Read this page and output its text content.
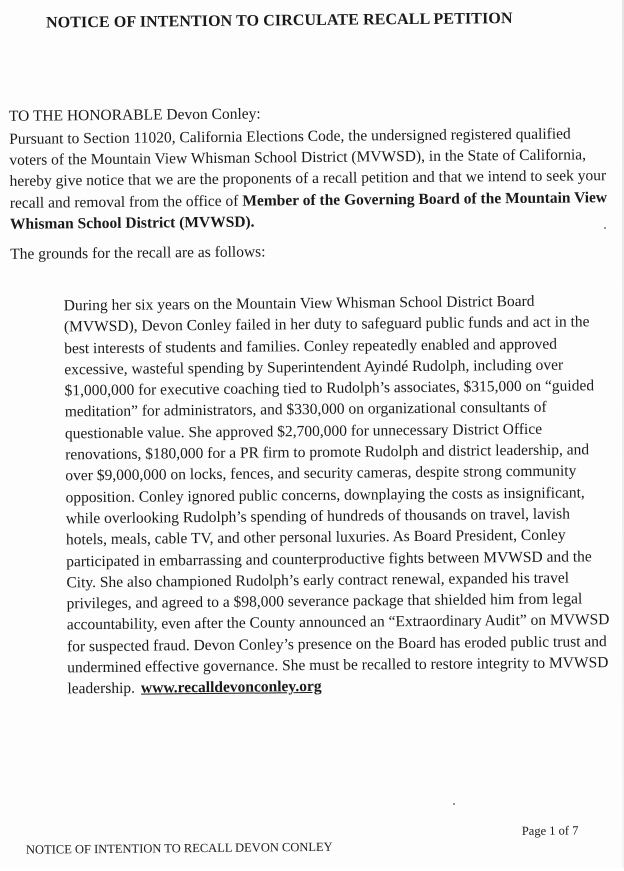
NOTICE OF INTENTION TO CIRCULATE RECALL PETITION
TO THE HONORABLE Devon Conley:
Pursuant to Section 11020, California Elections Code, the undersigned registered qualified voters of the Mountain View Whisman School District (MVWSD), in the State of California, hereby give notice that we are the proponents of a recall petition and that we intend to seek your recall and removal from the office of Member of the Governing Board of the Mountain View Whisman School District (MVWSD).
The grounds for the recall are as follows:
During her six years on the Mountain View Whisman School District Board (MVWSD), Devon Conley failed in her duty to safeguard public funds and act in the best interests of students and families. Conley repeatedly enabled and approved excessive, wasteful spending by Superintendent Ayindé Rudolph, including over $1,000,000 for executive coaching tied to Rudolph’s associates, $315,000 on “guided meditation” for administrators, and $330,000 on organizational consultants of questionable value. She approved $2,700,000 for unnecessary District Office renovations, $180,000 for a PR firm to promote Rudolph and district leadership, and over $9,000,000 on locks, fences, and security cameras, despite strong community opposition. Conley ignored public concerns, downplaying the costs as insignificant, while overlooking Rudolph’s spending of hundreds of thousands on travel, lavish hotels, meals, cable TV, and other personal luxuries. As Board President, Conley participated in embarrassing and counterproductive fights between MVWSD and the City. She also championed Rudolph’s early contract renewal, expanded his travel privileges, and agreed to a $98,000 severance package that shielded him from legal accountability, even after the County announced an “Extraordinary Audit” on MVWSD for suspected fraud. Devon Conley’s presence on the Board has eroded public trust and undermined effective governance. She must be recalled to restore integrity to MVWSD leadership. www.recalldevonconley.org
NOTICE OF INTENTION TO RECALL DEVON CONLEY
Page 1 of 7
